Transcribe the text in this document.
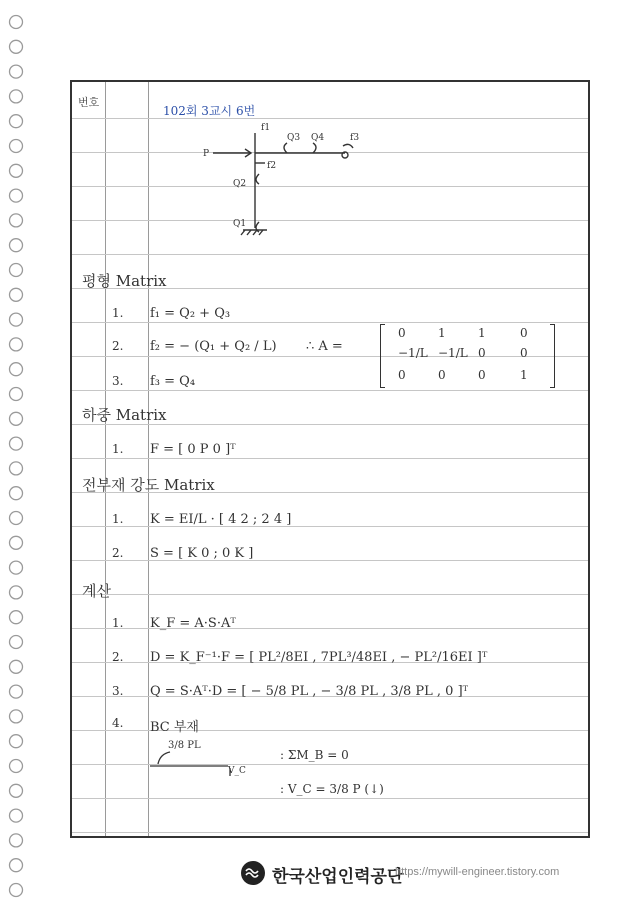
번호
102회 3교시 6번
P
f1
f2
f3
Q1
Q2
Q3 Q4
평형 Matrix
1. f₁ = Q₂ + Q₃
2. f₂ = − (Q₁ + Q₂ / L)
3. f₃ = Q₄
∴ A =
0	1	1	0
−1/L −1/L 0	0
0	0	0	1
하중 Matrix
1. F = [ 0 P 0 ]ᵀ
전부재 강도 Matrix
1. K = EI/L · [ 4 2 ; 2 4 ]
2. S = [ K 0 ; 0 K ]
계산
1. K_F = A·S·Aᵀ
2. D = K_F⁻¹·F = [ PL²/8EI , 7PL³/48EI , − PL²/16EI ]ᵀ
3. Q = S·Aᵀ·D = [ − 5/8 PL , − 3/8 PL , 3/8 PL , 0 ]ᵀ
4. BC 부재
3/8 PL
V_C
: ΣM_B = 0
: V_C = 3/8 P (↓)
한국산업인력공단
https://mywill-engineer.tistory.com
